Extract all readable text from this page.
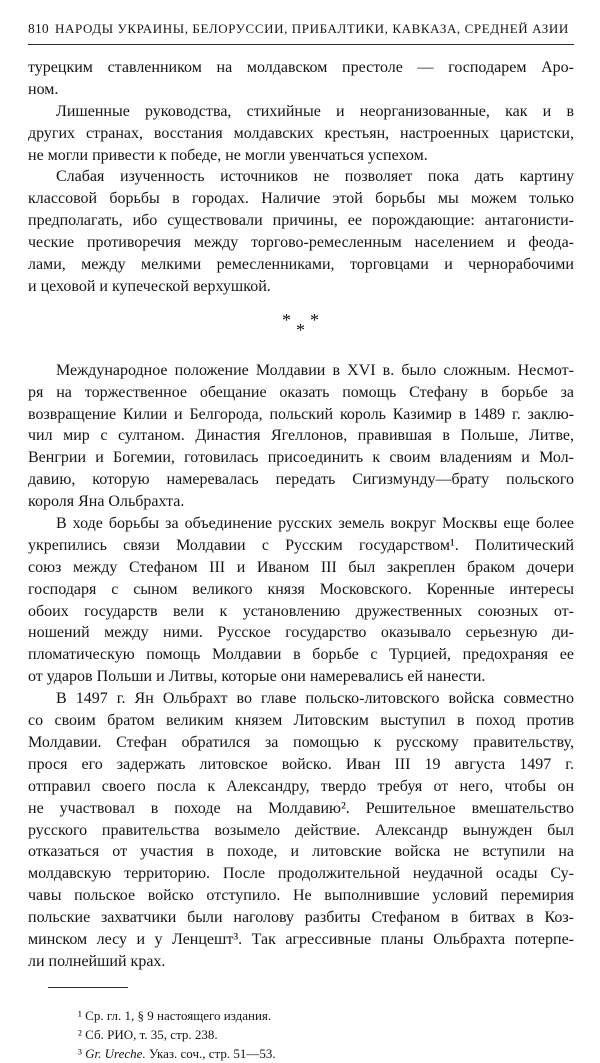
810 НАРОДЫ УКРАИНЫ, БЕЛОРУССИИ, ПРИБАЛТИКИ, КАВКАЗА, СРЕДНЕЙ АЗИИ
турецким ставленником на молдавском престоле — господарем Аро-
ном.
Лишенные руководства, стихийные и неорганизованные, как и в
других странах, восстания молдавских крестьян, настроенных царистски,
не могли привести к победе, не могли увенчаться успехом.
Слабая изученность источников не позволяет пока дать картину
классовой борьбы в городах. Наличие этой борьбы мы можем только
предполагать, ибо существовали причины, ее порождающие: антагонисти-
ческие противоречия между торгово-ремесленным населением и феода-
лами, между мелкими ремесленниками, торговцами и чернорабочими
и цеховой и купеческой верхушкой.
* * *
Международное положение Молдавии в XVI в. было сложным. Несмот-
ря на торжественное обещание оказать помощь Стефану в борьбе за
возвращение Килии и Белгорода, польский король Казимир в 1489 г. заклю-
чил мир с султаном. Династия Ягеллонов, правившая в Польше, Литве,
Венгрии и Богемии, готовилась присоединить к своим владениям и Мол-
давию, которую намеревалась передать Сигизмунду—брату польского
короля Яна Ольбрахта.
В ходе борьбы за объединение русских земель вокруг Москвы еще более
укрепились связи Молдавии с Русским государством¹. Политический
союз между Стефаном III и Иваном III был закреплен браком дочери
господаря с сыном великого князя Московского. Коренные интересы
обоих государств вели к установлению дружественных союзных от-
ношений между ними. Русское государство оказывало серьезную ди-
пломатическую помощь Молдавии в борьбе с Турцией, предохраняя ее
от ударов Польши и Литвы, которые они намеревались ей нанести.
В 1497 г. Ян Ольбрахт во главе польско-литовского войска совместно
со своим братом великим князем Литовским выступил в поход против
Молдавии. Стефан обратился за помощью к русскому правительству,
прося его задержать литовское войско. Иван III 19 августа 1497 г.
отправил своего посла к Александру, твердо требуя от него, чтобы он
не участвовал в походе на Молдавию². Решительное вмешательство
русского правительства возымело действие. Александр вынужден был
отказаться от участия в походе, и литовские войска не вступили на
молдавскую территорию. После продолжительной неудачной осады Су-
чавы польское войско отступило. Не выполнившие условий перемирия
польские захватчики были наголову разбиты Стефаном в битвах в Коз-
минском лесу и у Ленцешт³. Так агрессивные планы Ольбрахта потерпе-
ли полнейший крах.
¹ Ср. гл. 1, § 9 настоящего издания.
² Сб. РИО, т. 35, стр. 238.
³ Gr. Ureche. Указ. соч., стр. 51—53.
